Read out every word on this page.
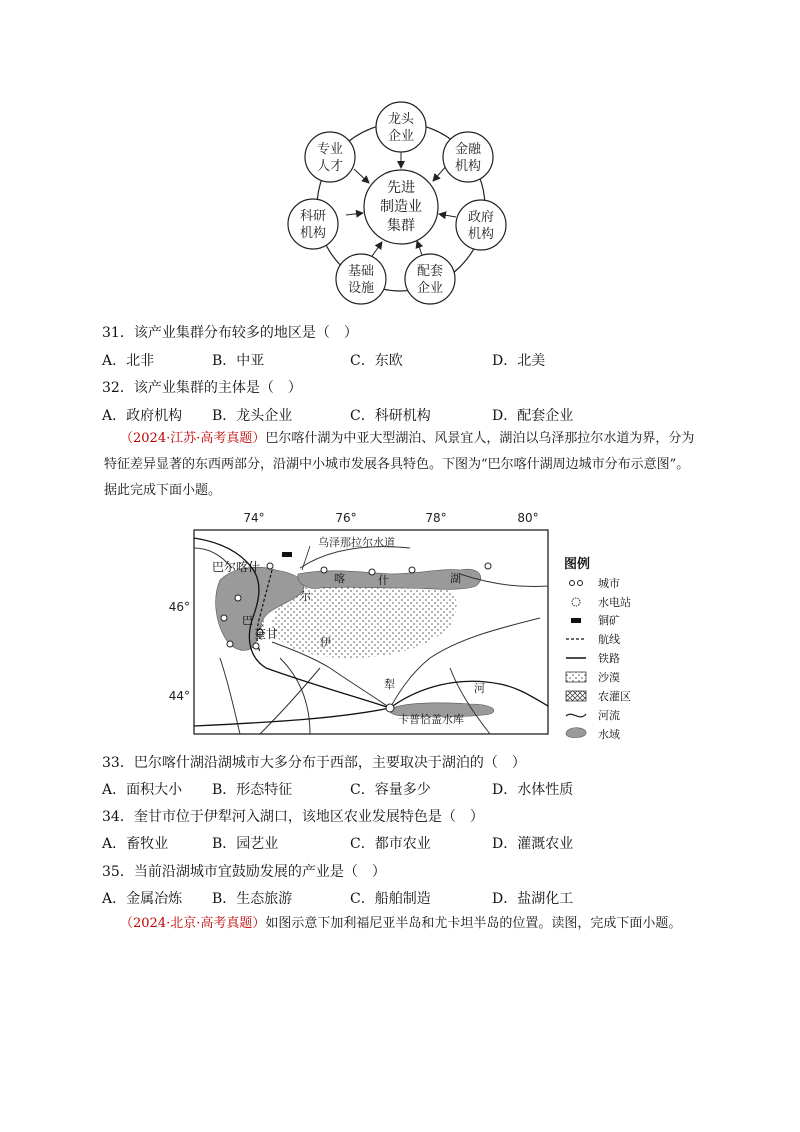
龙头
企业
金融
机构
政府
机构
配套
企业
基础
设施
科研
机构
专业
人才
先进
制造业
集群
31．该产业集群分布较多的地区是（　）
A．北非	B．中亚	C．东欧	D．北美
32．该产业集群的主体是（　）
A．政府机构 B．龙头企业	C．科研机构	D．配套企业
（2024·江苏·高考真题）巴尔喀什湖为中亚大型湖泊、风景宜人，湖泊以乌泽那拉尔水道为界，分为
特征差异显著的东西两部分，沿湖中小城市发展各具特色。下图为“巴尔喀什湖周边城市分布示意图”。
据此完成下面小题。
74°	76°	78°	80°
46°
44°
乌泽那拉尔水道
巴尔喀什
奎甘
卡普恰盖水库
巴
尔
喀	什	湖
伊
犁	河
图例
城市
水电站
铜矿
航线
铁路
沙漠
农灌区
河流
水域
33．巴尔喀什湖沿湖城市大多分布于西部，主要取决于湖泊的（　）
A．面积大小 B．形态特征	C．容量多少	D．水体性质
34．奎甘市位于伊犁河入湖口，该地区农业发展特色是（　）
A．畜牧业	B．园艺业	C．都市农业	D．灌溉农业
35．当前沿湖城市宜鼓励发展的产业是（　）
A．金属冶炼 B．生态旅游	C．船舶制造	D．盐湖化工
（2024·北京·高考真题）如图示意下加利福尼亚半岛和尤卡坦半岛的位置。读图，完成下面小题。
